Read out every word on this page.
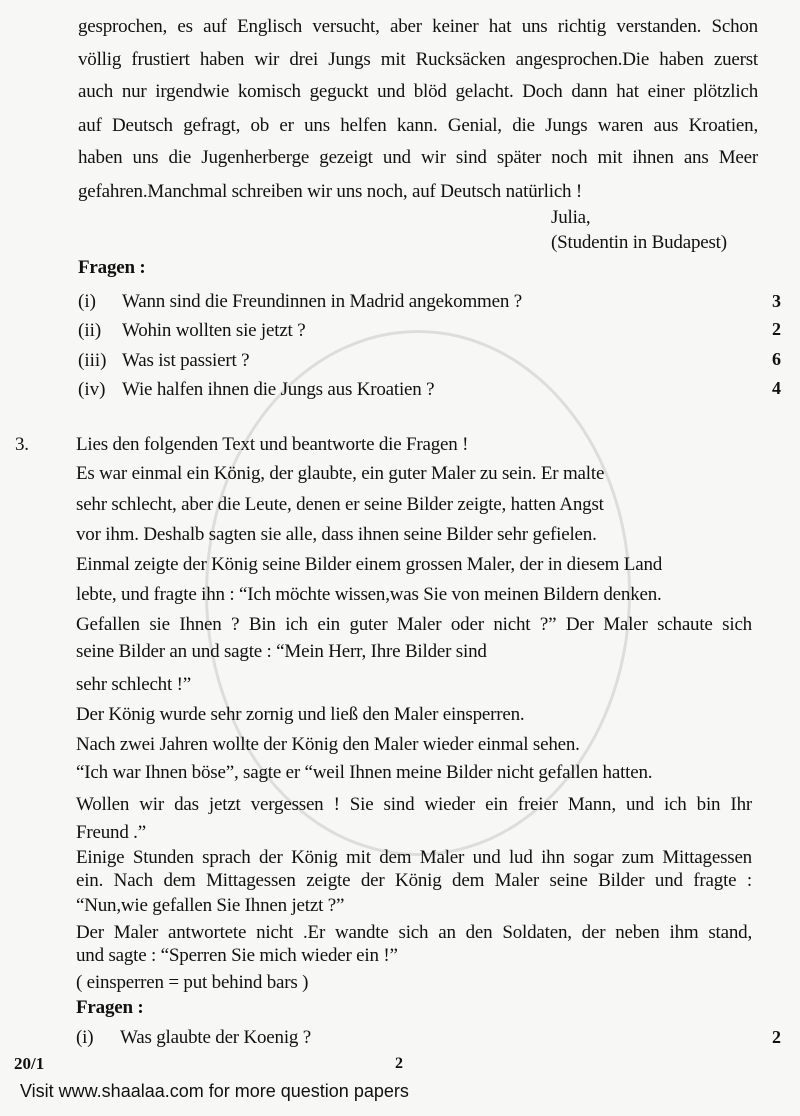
gesprochen, es auf Englisch versucht, aber keiner hat uns richtig verstanden. Schon
völlig frustiert haben wir drei Jungs mit Rucksäcken angesprochen.Die haben zuerst
auch nur irgendwie komisch geguckt und blöd gelacht. Doch dann hat einer plötzlich
auf Deutsch gefragt, ob er uns helfen kann. Genial, die Jungs waren aus Kroatien,
haben uns die Jugenherberge gezeigt und wir sind später noch mit ihnen ans Meer
gefahren.Manchmal schreiben wir uns noch, auf Deutsch natürlich !
Julia,
(Studentin in Budapest)
Fragen :
(i) Wann sind die Freundinnen in Madrid angekommen ?	3
(ii) Wohin wollten sie jetzt ?	2
(iii) Was ist passiert ?	6
(iv) Wie halfen ihnen die Jungs aus Kroatien ?	4
3. Lies den folgenden Text und beantworte die Fragen !
Es war einmal ein König, der glaubte, ein guter Maler zu sein. Er malte
sehr schlecht, aber die Leute, denen er seine Bilder zeigte, hatten Angst
vor ihm. Deshalb sagten sie alle, dass ihnen seine Bilder sehr gefielen.
Einmal zeigte der König seine Bilder einem grossen Maler, der in diesem Land
lebte, und fragte ihn : “Ich möchte wissen,was Sie von meinen Bildern denken.
Gefallen sie Ihnen ? Bin ich ein guter Maler oder nicht ?” Der Maler schaute sich
seine Bilder an und sagte : “Mein Herr, Ihre Bilder sind
sehr schlecht !”
Der König wurde sehr zornig und ließ den Maler einsperren.
Nach zwei Jahren wollte der König den Maler wieder einmal sehen.
“Ich war Ihnen böse”, sagte er “weil Ihnen meine Bilder nicht gefallen hatten.
Wollen wir das jetzt vergessen ! Sie sind wieder ein freier Mann, und ich bin Ihr
Freund .”
Einige Stunden sprach der König mit dem Maler und lud ihn sogar zum Mittagessen
ein. Nach dem Mittagessen zeigte der König dem Maler seine Bilder und fragte :
“Nun,wie gefallen Sie Ihnen jetzt ?”
Der Maler antwortete nicht .Er wandte sich an den Soldaten, der neben ihm stand,
und sagte : “Sperren Sie mich wieder ein !”
( einsperren = put behind bars )
Fragen :
(i) Was glaubte der Koenig ?	2
20/1	2
Visit www.shaalaa.com for more question papers
